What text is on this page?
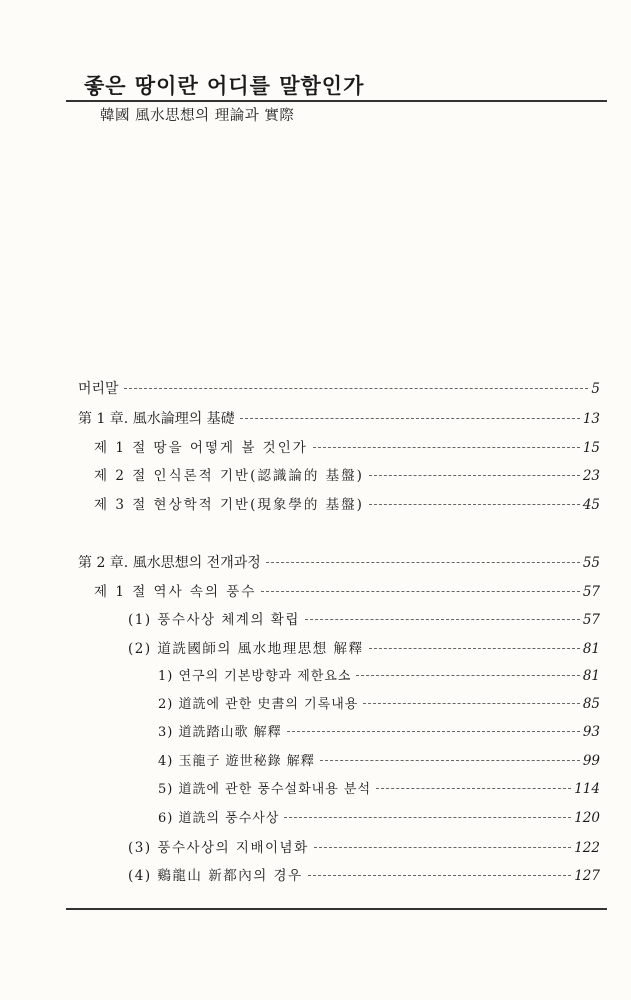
좋은 땅이란 어디를 말함인가
韓國 風水思想의 理論과 實際
머리말	5
第 1 章. 風水論理의 基礎	13
제 1 절 땅을 어떻게 볼 것인가	15
제 2 절 인식론적 기반(認識論的 基盤)	23
제 3 절 현상학적 기반(現象學的 基盤)	45
第 2 章. 風水思想의 전개과정	55
제 1 절 역사 속의 풍수	57
(1) 풍수사상 체계의 확립	57
(2) 道詵國師의 風水地理思想 解釋	81
1) 연구의 기본방향과 제한요소	81
2) 道詵에 관한 史書의 기록내용	85
3) 道詵踏山歌 解釋	93
4) 玉龍子 遊世秘錄 解釋	99
5) 道詵에 관한 풍수설화내용 분석	114
6) 道詵의 풍수사상	120
(3) 풍수사상의 지배이념화	122
(4) 鷄龍山 新都內의 경우	127
